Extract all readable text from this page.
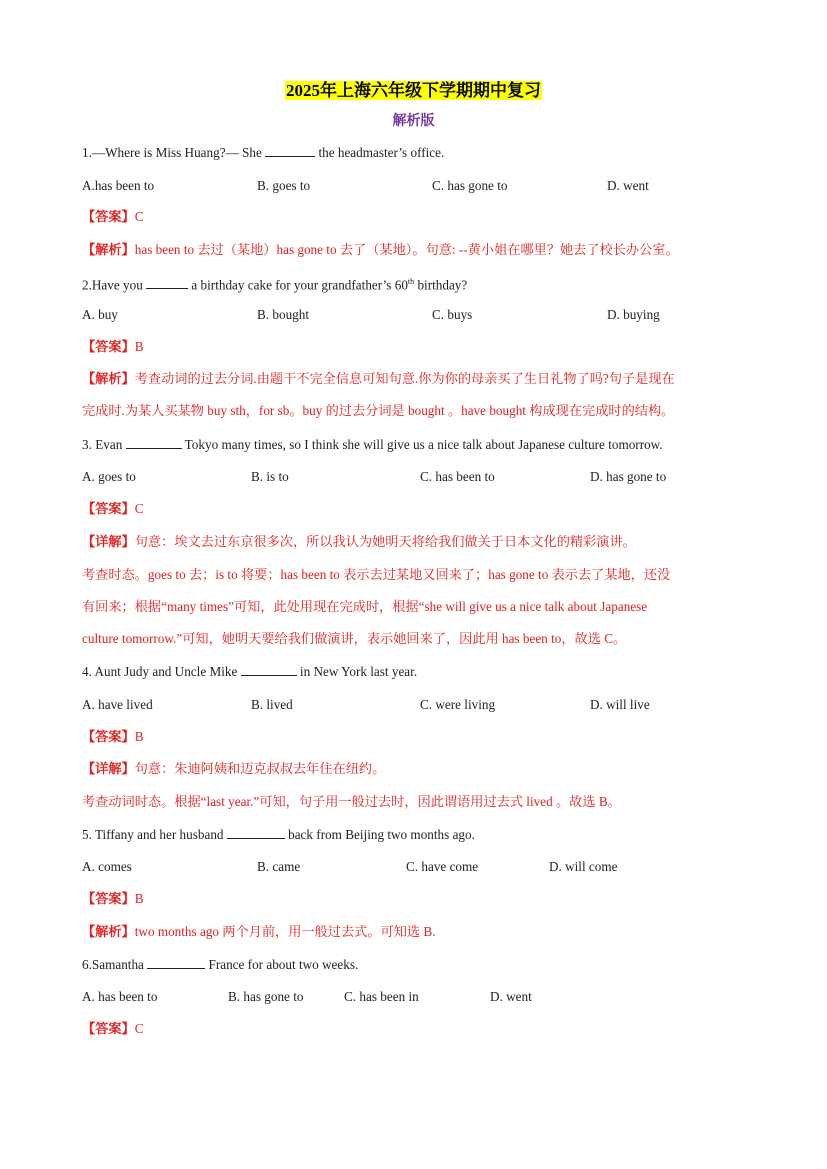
2025年上海六年级下学期期中复习
解析版
1.—Where is Miss Huang?— She	the headmaster’s office.
A.has been to	B. goes to	C. has gone to	D. went
【答案】C
【解析】has been to 去过（某地）has gone to 去了（某地）。句意: --黄小姐在哪里？她去了校长办公室。
2.Have you	a birthday cake for your grandfather’s 60th birthday?
A. buy	B. bought	C. buys	D. buying
【答案】B
【解析】考查动词的过去分词.由题干不完全信息可知句意.你为你的母亲买了生日礼物了吗?句子是现在
完成时.为某人买某物 buy sth，for sb。buy 的过去分词是 bought 。have bought 构成现在完成时的结构。
3. Evan	Tokyo many times, so I think she will give us a nice talk about Japanese culture tomorrow.
A. goes to	B. is to	C. has been to	D. has gone to
【答案】C
【详解】句意：埃文去过东京很多次，所以我认为她明天将给我们做关于日本文化的精彩演讲。
考查时态。goes to 去；is to 将要；has been to 表示去过某地又回来了；has gone to 表示去了某地，还没
有回来；根据“many times”可知，此处用现在完成时，根据“she will give us a nice talk about Japanese
culture tomorrow.”可知，她明天要给我们做演讲，表示她回来了，因此用 has been to，故选 C。
4. Aunt Judy and Uncle Mike	in New York last year.
A. have lived	B. lived	C. were living	D. will live
【答案】B
【详解】句意：朱迪阿姨和迈克叔叔去年住在纽约。
考查动词时态。根据“last year.”可知，句子用一般过去时，因此谓语用过去式 lived 。故选 B。
5. Tiffany and her husband	back from Beijing two months ago.
A. comes	B. came	C. have come	D. will come
【答案】B
【解析】two months ago 两个月前，用一般过去式。可知选 B.
6.Samantha	France for about two weeks.
A. has been to	B. has gone to	C. has been in	D. went
【答案】C
